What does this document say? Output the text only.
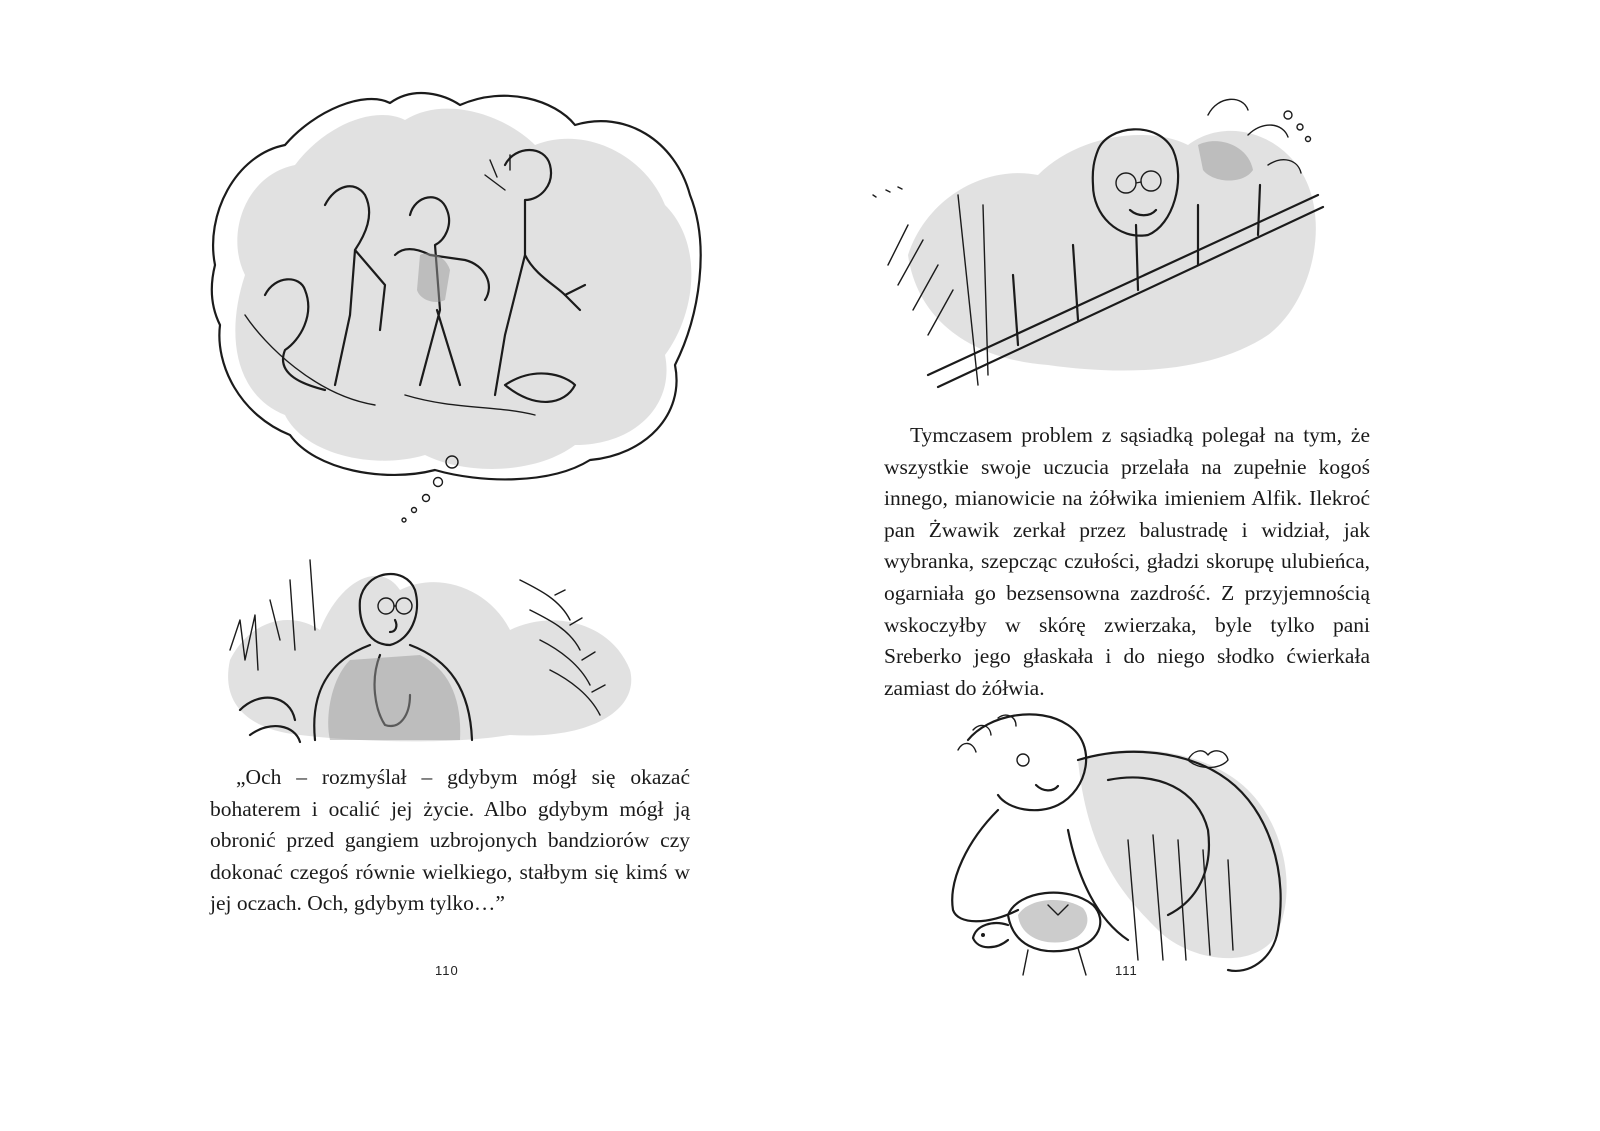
„Och – rozmyślał – gdybym mógł się okazać bohaterem i ocalić jej życie. Albo gdybym mógł ją obronić przed gangiem uzbrojonych bandziorów czy dokonać czegoś równie wielkiego, stałbym się kimś w jej oczach. Och, gdybym tylko…”

110

Tymczasem problem z sąsiadką polegał na tym, że wszystkie swoje uczucia przelała na zupełnie kogoś innego, mianowicie na żółwika imieniem Alfik. Ilekroć pan Żwawik zerkał przez balustradę i widział, jak wybranka, szepcząc czułości, gładzi skorupę ulubieńca, ogarniała go bezsensowna zazdrość. Z przyjemnością wskoczyłby w skórę zwierzaka, byle tylko pani Sreberko jego głaskała i do niego słodko ćwierkała zamiast do żółwia.

111
